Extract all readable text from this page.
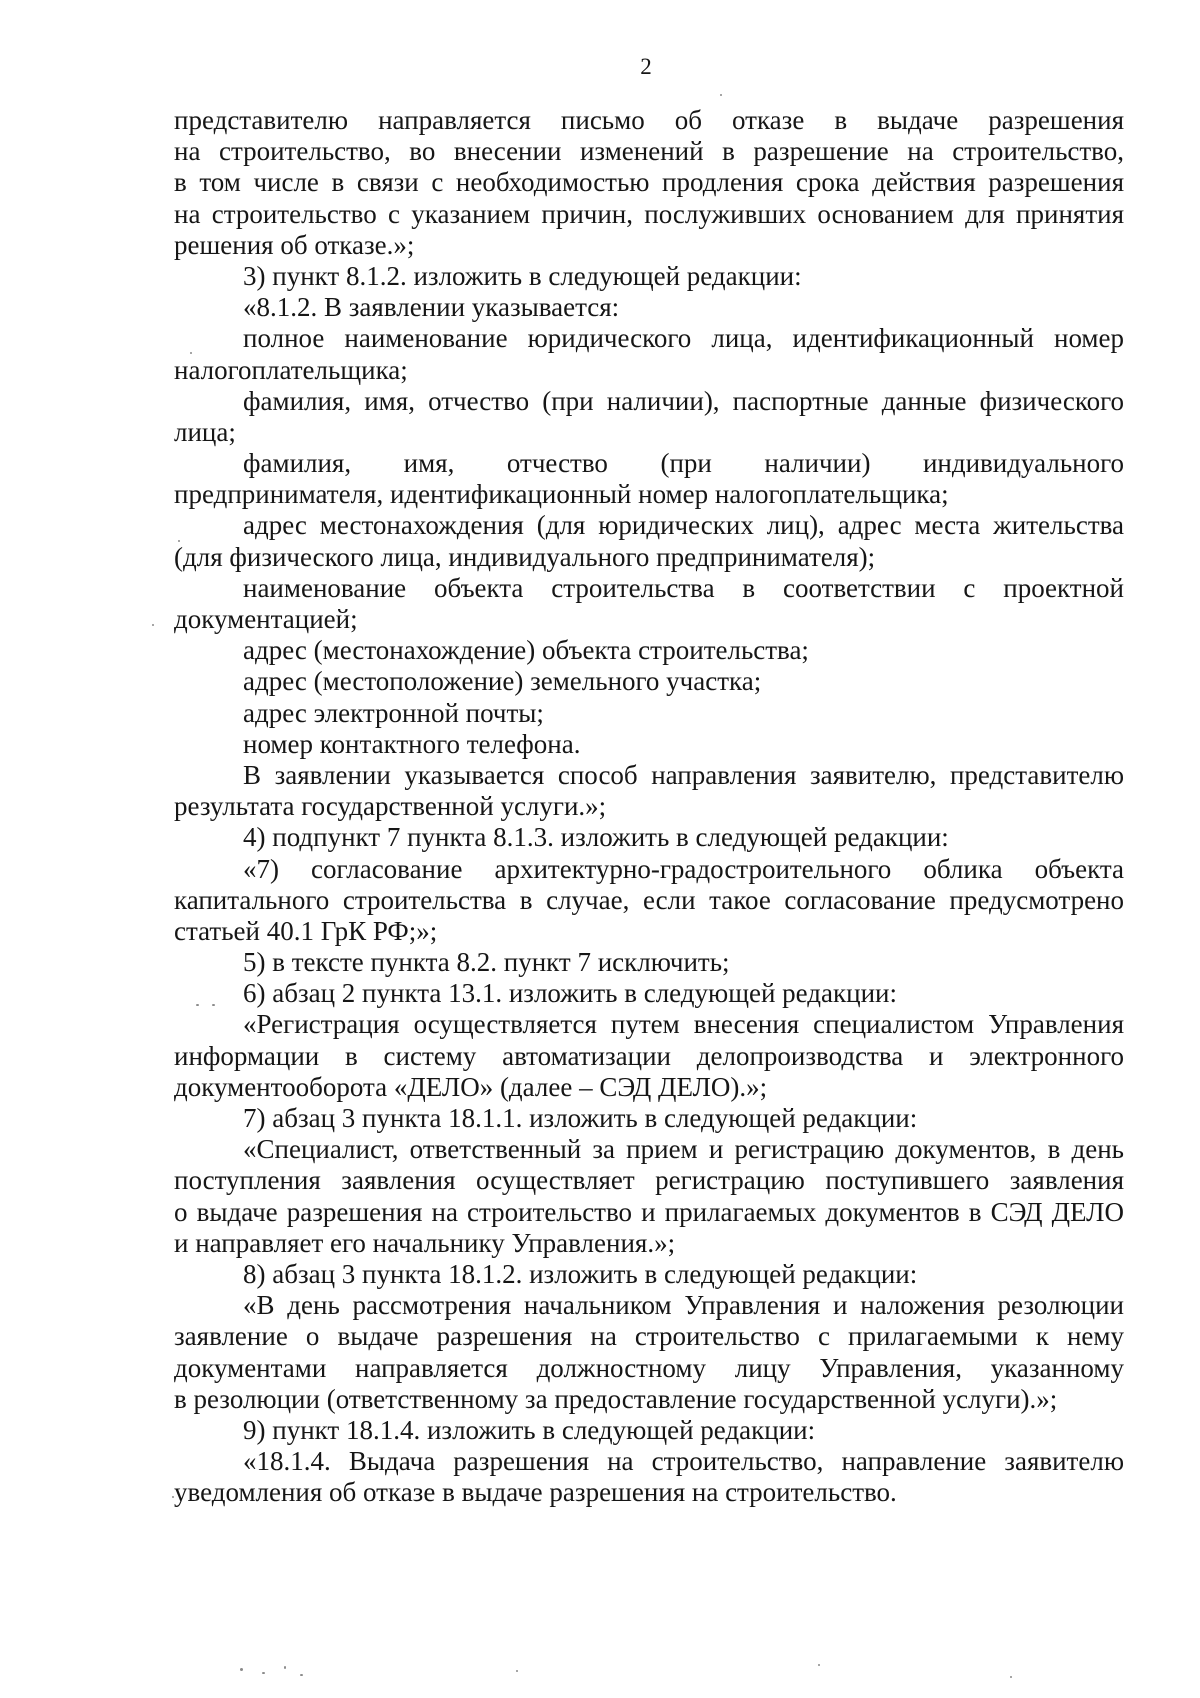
2
представителю направляется письмо об отказе в выдаче разрешения
на строительство, во внесении изменений в разрешение на строительство,
в том числе в связи с необходимостью продления срока действия разрешения
на строительство с указанием причин, послуживших основанием для принятия
решения об отказе.»;
3) пункт 8.1.2. изложить в следующей редакции:
«8.1.2. В заявлении указывается:
полное наименование юридического лица, идентификационный номер
налогоплательщика;
фамилия, имя, отчество (при наличии), паспортные данные физического
лица;
фамилия, имя, отчество (при наличии) индивидуального
предпринимателя, идентификационный номер налогоплательщика;
адрес местонахождения (для юридических лиц), адрес места жительства
(для физического лица, индивидуального предпринимателя);
наименование объекта строительства в соответствии с проектной
документацией;
адрес (местонахождение) объекта строительства;
адрес (местоположение) земельного участка;
адрес электронной почты;
номер контактного телефона.
В заявлении указывается способ направления заявителю, представителю
результата государственной услуги.»;
4) подпункт 7 пункта 8.1.3. изложить в следующей редакции:
«7) согласование архитектурно-градостроительного облика объекта
капитального строительства в случае, если такое согласование предусмотрено
статьей 40.1 ГрК РФ;»;
5) в тексте пункта 8.2. пункт 7 исключить;
6) абзац 2 пункта 13.1. изложить в следующей редакции:
«Регистрация осуществляется путем внесения специалистом Управления
информации в систему автоматизации делопроизводства и электронного
документооборота «ДЕЛО» (далее – СЭД ДЕЛО).»;
7) абзац 3 пункта 18.1.1. изложить в следующей редакции:
«Специалист, ответственный за прием и регистрацию документов, в день
поступления заявления осуществляет регистрацию поступившего заявления
о выдаче разрешения на строительство и прилагаемых документов в СЭД ДЕЛО
и направляет его начальнику Управления.»;
8) абзац 3 пункта 18.1.2. изложить в следующей редакции:
«В день рассмотрения начальником Управления и наложения резолюции
заявление о выдаче разрешения на строительство с прилагаемыми к нему
документами направляется должностному лицу Управления, указанному
в резолюции (ответственному за предоставление государственной услуги).»;
9) пункт 18.1.4. изложить в следующей редакции:
«18.1.4. Выдача разрешения на строительство, направление заявителю
уведомления об отказе в выдаче разрешения на строительство.
